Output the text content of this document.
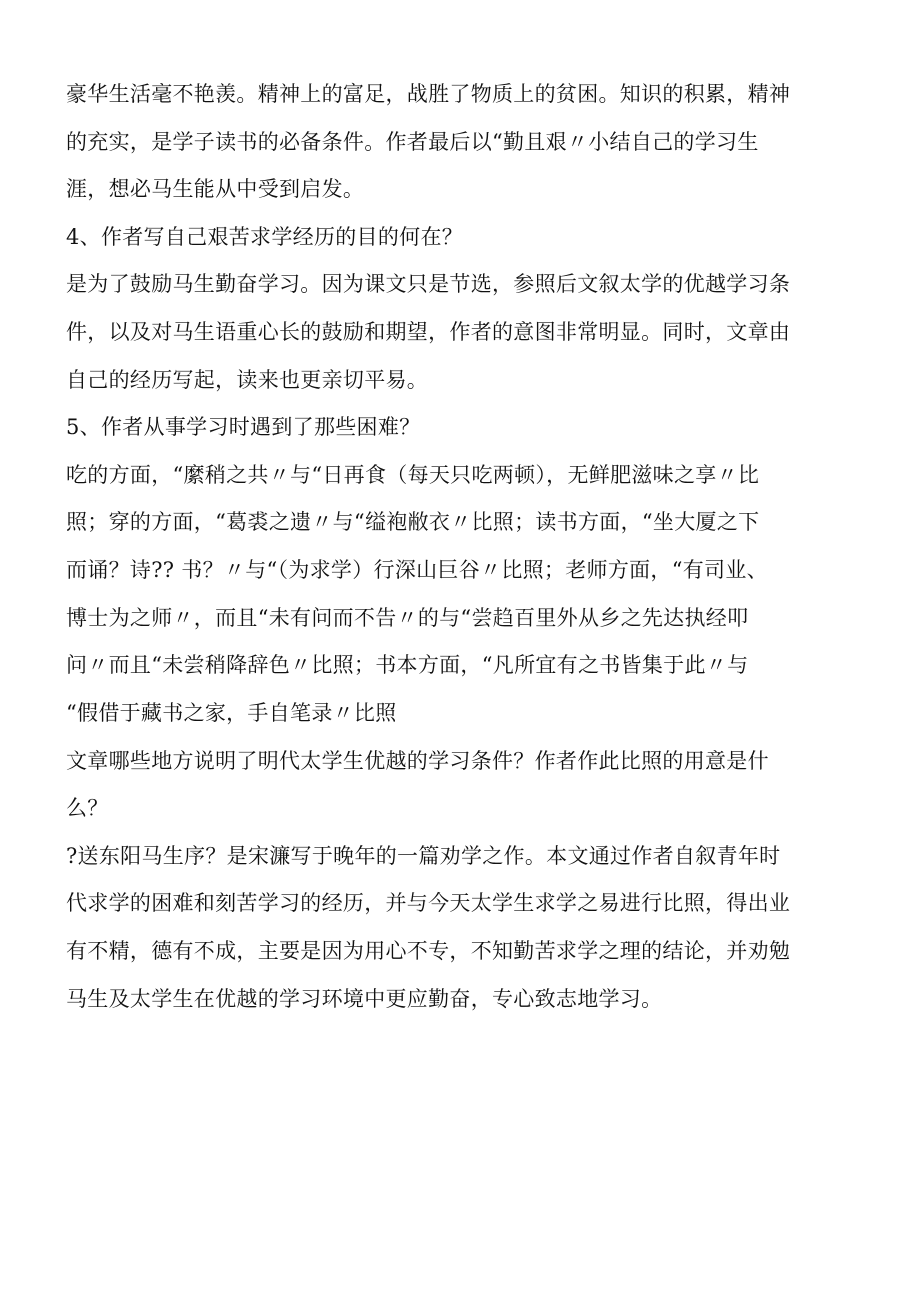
豪华生活毫不艳羡。精神上的富足，战胜了物质上的贫困。知识的积累，精神
的充实，是学子读书的必备条件。作者最后以“勤且艰〃小结自己的学习生
涯，想必马生能从中受到启发。
4、作者写自己艰苦求学经历的目的何在？
是为了鼓励马生勤奋学习。因为课文只是节选，参照后文叙太学的优越学习条
件，以及对马生语重心长的鼓励和期望，作者的意图非常明显。同时，文章由
自己的经历写起，读来也更亲切平易。
5、作者从事学习时遇到了那些困难？
吃的方面，“縻稍之共〃与“日再食（每天只吃两顿），无鲜肥滋味之享〃比
照；穿的方面，“葛裘之遗〃与“缢袍敝衣〃比照；读书方面，“坐大厦之下
而诵？诗?? 书？〃与“（为求学）行深山巨谷〃比照；老师方面，“有司业、
博士为之师〃，而且“未有问而不告〃的与“尝趋百里外从乡之先达执经叩
问〃而且“未尝稍降辞色〃比照；书本方面，“凡所宜有之书皆集于此〃与
“假借于藏书之家，手自笔录〃比照
文章哪些地方说明了明代太学生优越的学习条件？作者作此比照的用意是什
么？
?送东阳马生序？是宋濂写于晚年的一篇劝学之作。本文通过作者自叙青年时
代求学的困难和刻苦学习的经历，并与今天太学生求学之易进行比照，得出业
有不精，德有不成，主要是因为用心不专，不知勤苦求学之理的结论，并劝勉
马生及太学生在优越的学习环境中更应勤奋，专心致志地学习。
